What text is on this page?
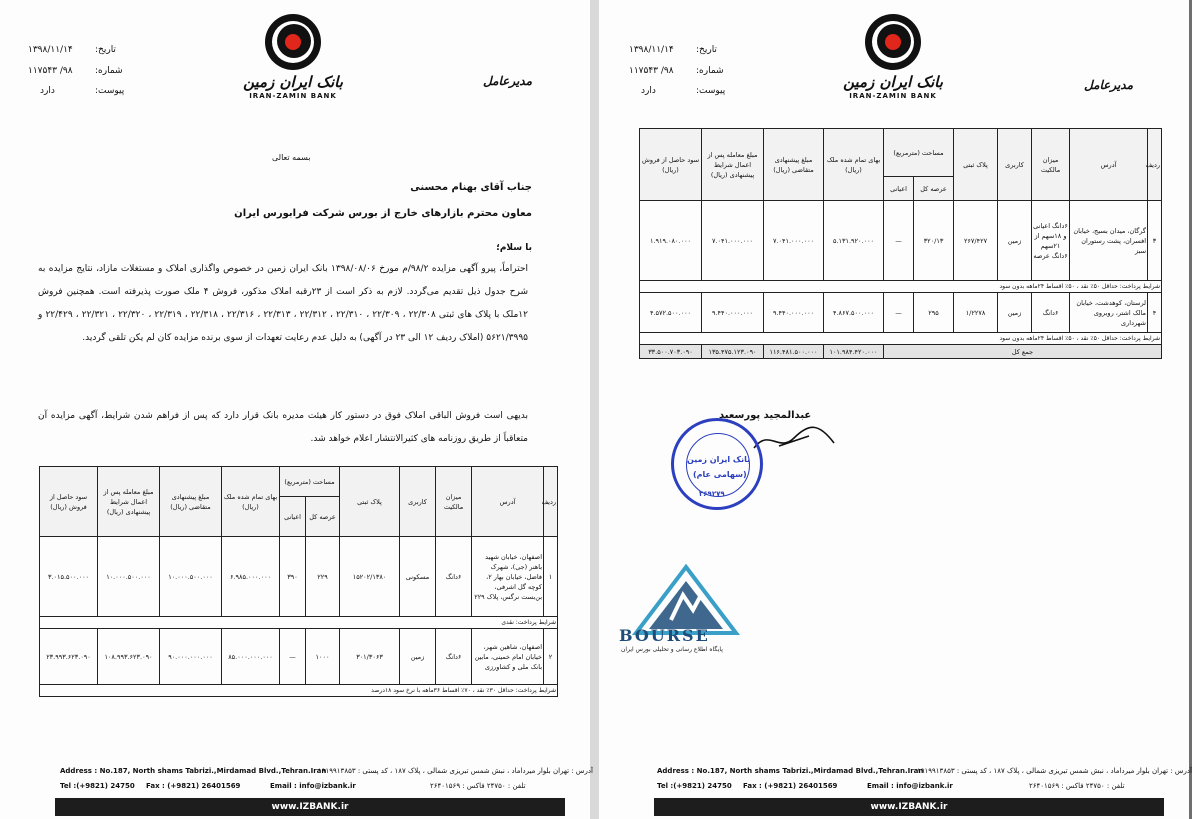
تاریخ:
۱۳۹۸/۱۱/۱۴
شماره:
۹۸/ ۱۱۷۵۴۳
پیوست:
دارد	بانک ایران زمین
IRAN-ZAMIN BANK
مدیرعامل
بسمه تعالی
جناب آقای بهنام محسنی
معاون محترم بازارهای خارج از بورس شرکت فرابورس ایران
با سلام؛
احتراماً، پیرو آگهی مزایده ۹۸/۲/م مورخ ۱۳۹۸/۰۸/۰۶ بانک ایران زمین در خصوص واگذاری املاک و مستغلات مازاد، نتایج مزایده به شرح جدول ذیل تقدیم می‌گردد. لازم به ذکر است از ۲۳رقبه املاک مذکور، فروش ۴ ملک صورت پذیرفته است. همچنین فروش ۱۲ملک با پلاک های ثبتی ۲۲/۳۰۸ ، ۲۲/۳۰۹ ، ۲۲/۳۱۰ ، ۲۲/۳۱۲ ، ۲۲/۳۱۳ ، ۲۲/۳۱۶ ، ۲۲/۳۱۸ ، ۲۲/۳۱۹ ، ۲۲/۳۲۰ ، ۲۲/۳۲۱ ، ۲۲/۴۲۹ و ۵۶۲۱/۳۹۹۵ (املاک ردیف ۱۲ الی ۲۳ در آگهی) به دلیل عدم رعایت تعهدات از سوی برنده مزایده کان لم یکن تلقی گردید.
بدیهی است فروش الباقی املاک فوق در دستور کار هیئت مدیره بانک قرار دارد که پس از فراهم شدن شرایط، آگهی مزایده آن متعاقباً از طریق روزنامه های کثیرالانتشار اعلام خواهد شد.
ردیف	آدرس	میزان مالکیت	کاربری	پلاک ثبتی	مساحت (مترمربع)		بهای تمام شده ملک (ریال)	مبلغ پیشنهادی متقاضی (ریال)	مبلغ معامله پس از اعمال شرایط پیشنهادی (ریال)	سود حاصل از فروش (ریال)
					عرصه کل	اعیانی				
۱	اصفهان، خیابان شهید باهنر (جی)، شهرک فاضل، خیابان بهار ۲، کوچه گل اشرفی، بن‌بست نرگس، پلاک ۲۲۹	۶دانگ	مسکونی	۱۵۲۰۲/۱۳۸۰	۲۲۹	۳۹۰	۶.۹۸۵.۰۰۰.۰۰۰	۱۰.۰۰۰.۵۰۰.۰۰۰	۱۰.۰۰۰.۵۰۰.۰۰۰	۳.۰۱۵.۵۰۰.۰۰۰
شرایط پرداخت: نقدی										
۲	اصفهان، شاهین شهر، خیابان امام خمینی، مابین بانک ملی و کشاورزی	۶دانگ	زمین	۳۰۱/۳۰۶۳	۱۰۰۰	—	۸۵.۰۰۰.۰۰۰.۰۰۰	۹۰.۰۰۰.۰۰۰.۰۰۰	۱۰۸.۹۹۳.۶۲۳.۰۹۰	۲۳.۹۹۳.۶۲۳.۰۹۰
شرایط پرداخت: حداقل ۳۰٪ نقد ، ۷۰٪ اقساط ۳۶ماهه با نرخ سود ۱۸درصد										
Address : No.187, North shams Tabrizi.,Mirdamad Blvd.,Tehran.Iran
آدرس : تهران بلوار میرداماد ، نبش شمس تبریزی شمالی ، پلاک ۱۸۷ ، کد پستی : ۱۹۱۹۹۱۳۸۵۳
Tel :(+9821) 24750 Fax : (+9821) 26401569	Email : info@izbank.ir	تلفن : ۲۴۷۵۰ فاکس : ۲۶۴۰۱۵۶۹
www.IZBANK.ir
تاریخ:
۱۳۹۸/۱۱/۱۴
شماره:
۹۸/ ۱۱۷۵۴۳
پیوست:
دارد	بانک ایران زمین
IRAN-ZAMIN BANK
مدیرعامل
ردیف	آدرس	میزان مالکیت	کاربری	پلاک ثبتی	مساحت (مترمربع)		بهای تمام شده ملک (ریال)	مبلغ پیشنهادی متقاضی (ریال)	مبلغ معامله پس از اعمال شرایط پیشنهادی (ریال)	سود حاصل از فروش (ریال)
					عرصه کل	اعیانی				
۳	گرگان، میدان بسیج، خیابان افسران، پشت رستوران سبز	۶دانگ اعیانی و ۱۸سهم از ۲۱سهم ۶دانگ عرصه	زمین	۲۶۷/۴۲۷	۳۲۰/۱۳	—	۵.۱۳۱.۹۲۰.۰۰۰	۷.۰۴۱.۰۰۰.۰۰۰	۷.۰۴۱.۰۰۰.۰۰۰	۱.۹۱۹.۰۸۰.۰۰۰
شرایط پرداخت: حداقل ۵۰٪ نقد ، ۵۰٪ اقساط ۲۴ماهه بدون سود										
۴	لرستان، کوهدشت، خیابان مالک اشتر، روبروی شهرداری	۶دانگ	زمین	۱/۲۲۷۸	۲۹۵	—	۴.۸۶۷.۵۰۰.۰۰۰	۹.۴۴۰.۰۰۰.۰۰۰	۹.۴۴۰.۰۰۰.۰۰۰	۴.۵۷۲.۵۰۰.۰۰۰
شرایط پرداخت: حداقل ۵۰٪ نقد ، ۵۰٪ اقساط ۲۴ماهه بدون سود										
جمع کل							۱۰۱.۹۸۴.۴۲۰.۰۰۰	۱۱۶.۴۸۱.۵۰۰.۰۰۰	۱۳۵.۴۷۵.۱۲۳.۰۹۰	۳۳.۵۰۰.۷۰۳.۰۹۰
عبدالمجید پورسعید
بانک ایران زمین
(سهامی عام)
۳۶۹۲۷۹
BOURSE
پایگاه اطلاع رسانی و تحلیلی بورس ایران
Address : No.187, North shams Tabrizi.,Mirdamad Blvd.,Tehran.Iran
آدرس : تهران بلوار میرداماد ، نبش شمس تبریزی شمالی ، پلاک ۱۸۷ ، کد پستی : ۱۹۱۹۹۱۳۸۵۳
Tel :(+9821) 24750 Fax : (+9821) 26401569	Email : info@izbank.ir	تلفن : ۲۴۷۵۰ فاکس : ۲۶۴۰۱۵۶۹
www.IZBANK.ir
